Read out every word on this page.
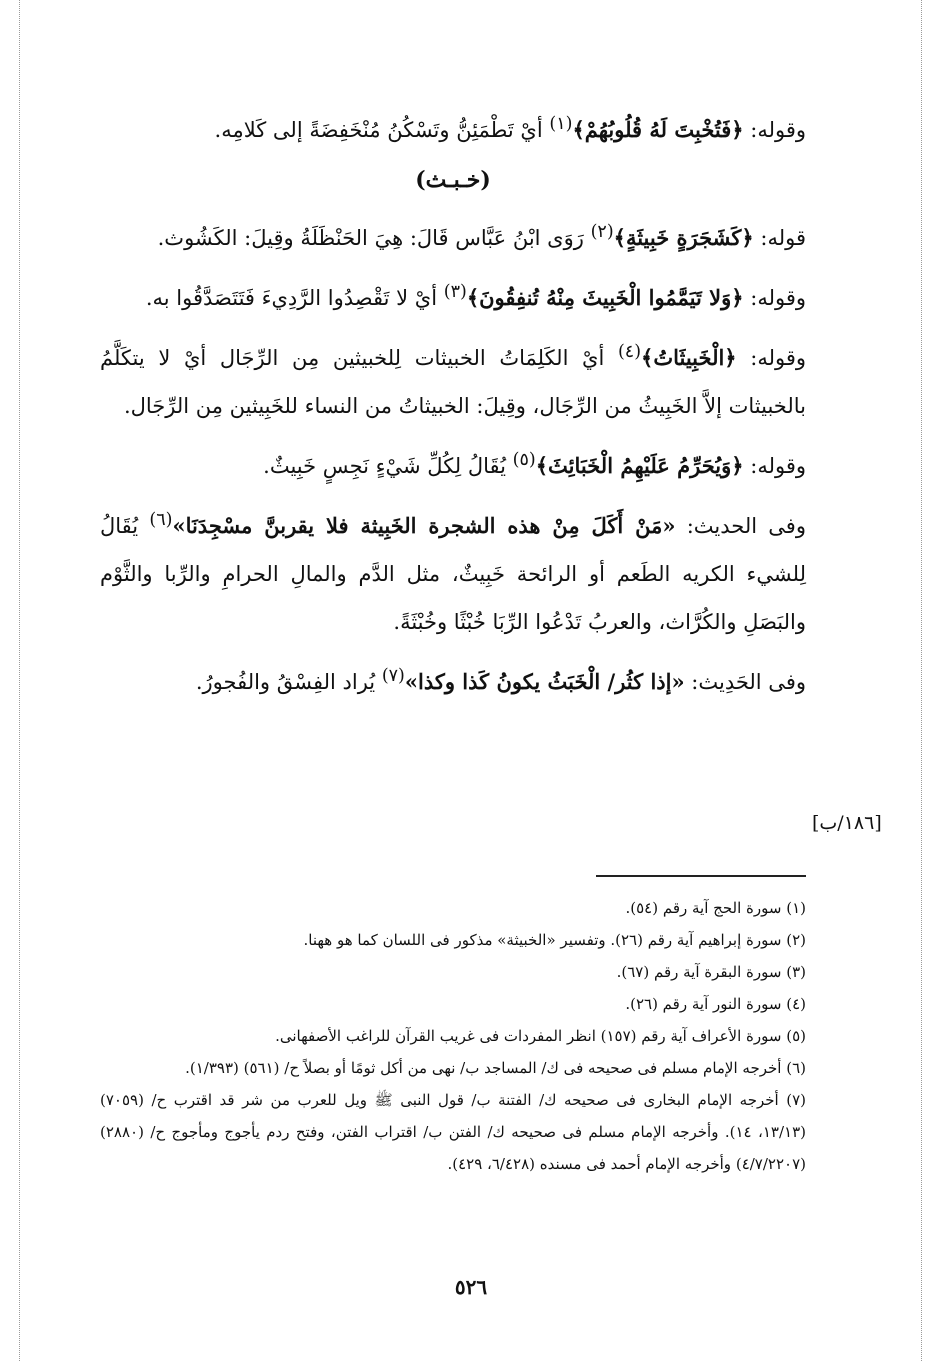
وقوله: ﴿فَتُخْبِتَ لَهُ قُلُوبُهُمْ﴾$^{(١)}$ أيْ تَطْمَئِنُّ وتَسْكُنُ مُنْخَفِضَةً إلى كَلامِه.

(خـبـث)

قوله: ﴿كَشَجَرَةٍ خَبِيثَةٍ﴾$^{(٢)}$ رَوَى ابْنُ عَبَّاس قَالَ: هِيَ الحَنْظَلَةُ وقِيلَ: الكَشُوث.

وقوله: ﴿وَلا تَيَمَّمُوا الْخَبِيثَ مِنْهُ تُنفِقُونَ﴾$^{(٣)}$ أيْ لا تَقْصِدُوا الرَّدِيءَ فَتَتَصَدَّقُوا به.

وقوله: ﴿الْخَبِيثَاتُ﴾$^{(٤)}$ أيْ الكَلِمَاتُ الخبيثات لِلخبيثين مِن الرِّجَال أيْ لا يتكَلَّمُ بالخبيثات إلاَّ الخَبِيثُ من الرِّجَال، وقِيلَ: الخبيثاتُ من النساء للخَبِيثين مِن الرِّجَال.

وقوله: ﴿وَيُحَرِّمُ عَلَيْهِمُ الْخَبَائِثَ﴾$^{(٥)}$ يُقَالُ لِكُلِّ شَيْءٍ نَجِسٍ خَبِيثٌ.

وفى الحديث: «مَنْ أَكَلَ مِنْ هذه الشجرة الخَبِيثة فلا يقربنَّ مسْجِدَنَا»$^{(٦)}$ يُقَالُ لِلشيء الكريه الطَعم أو الرائحة خَبِيثٌ، مثل الدَّم والمالِ الحرامِ والرِّبا والثَّوْم والبَصَلِ والكُرَّاث، والعربُ تَدْعُوا الرِّبَا خُبْثًا وخُبْثَةً.

وفى الحَدِيث: «إذا كثُر/ الْخَبَثُ يكونُ كَذا وكذا»$^{(٧)}$ يُراد الفِسْقُ والفُجورُ.

[١٨٦/ب]

(١) سورة الحج آية رقم (٥٤).

(٢) سورة إبراهيم آية رقم (٢٦). وتفسير «الخبيثة» مذكور فى اللسان كما هو ههنا.

(٣) سورة البقرة آية رقم (٦٧).

(٤) سورة النور آية رقم (٢٦).

(٥) سورة الأعراف آية رقم (١٥٧) انظر المفردات فى غريب القرآن للراغب الأصفهانى.

(٦) أخرجه الإمام مسلم فى صحيحه فى ك/ المساجد ب/ نهى من أكل ثومًا أو بصلاً ح/ (٥٦١) (١/٣٩٣).

(٧) أخرجه الإمام البخارى فى صحيحه ك/ الفتنة ب/ قول النبى ﷺ ويل للعرب من شر قد اقترب ح/ (٧٠٥٩) (١٣/١٣، ١٤). وأخرجه الإمام مسلم فى صحيحه ك/ الفتن ب/ اقتراب الفتن، وفتح ردم يأجوج ومأجوج ح/ (٢٨٨٠) (٤/٧/٢٢٠٧) وأخرجه الإمام أحمد فى مسنده (٦/٤٢٨، ٤٢٩).

٥٢٦
